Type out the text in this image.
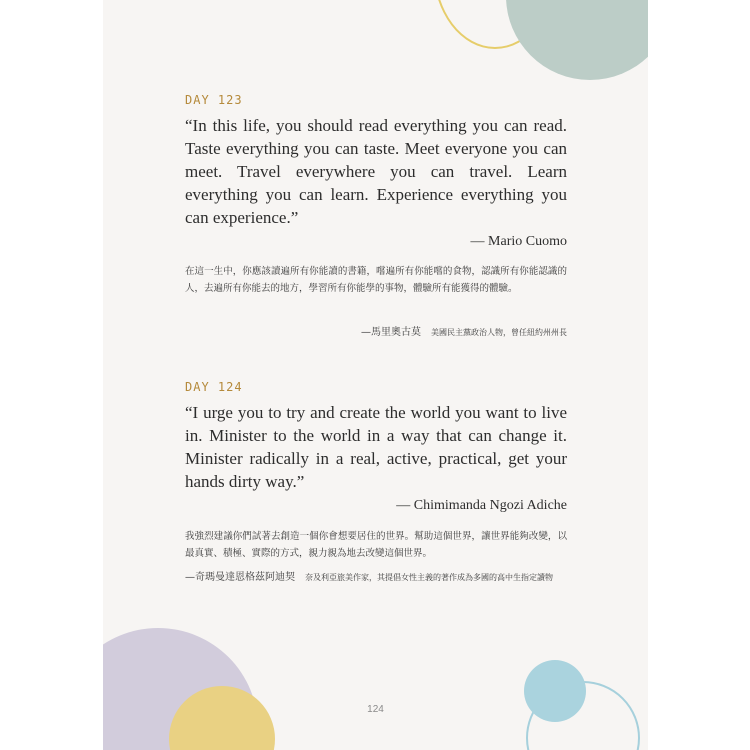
DAY 123

“In this life, you should read everything you can read. Taste everything you can taste. Meet everyone you can meet. Travel everywhere you can travel. Learn everything you can learn. Experience everything you can experience.”

— Mario Cuomo

在這一生中，你應該讀遍所有你能讀的書籍，嚐遍所有你能嚐的食物，認識所有你能認識的人，去遍所有你能去的地方，學習所有你能學的事物，體驗所有能獲得的體驗。

—馬里奧古莫 美國民主黨政治人物，曾任紐約州州長

DAY 124

“I urge you to try and create the world you want to live in. Minister to the world in a way that can change it. Minister radically in a real, active, practical, get your hands dirty way.”

— Chimimanda Ngozi Adiche

我強烈建議你們試著去創造一個你會想要居住的世界。幫助這個世界，讓世界能夠改變，以最真實、積極、實際的方式，親力親為地去改變這個世界。

—奇瑪曼達恩格茲阿迪契 奈及利亞旅美作家，其提倡女性主義的著作成為多國的高中生指定讀物

124
